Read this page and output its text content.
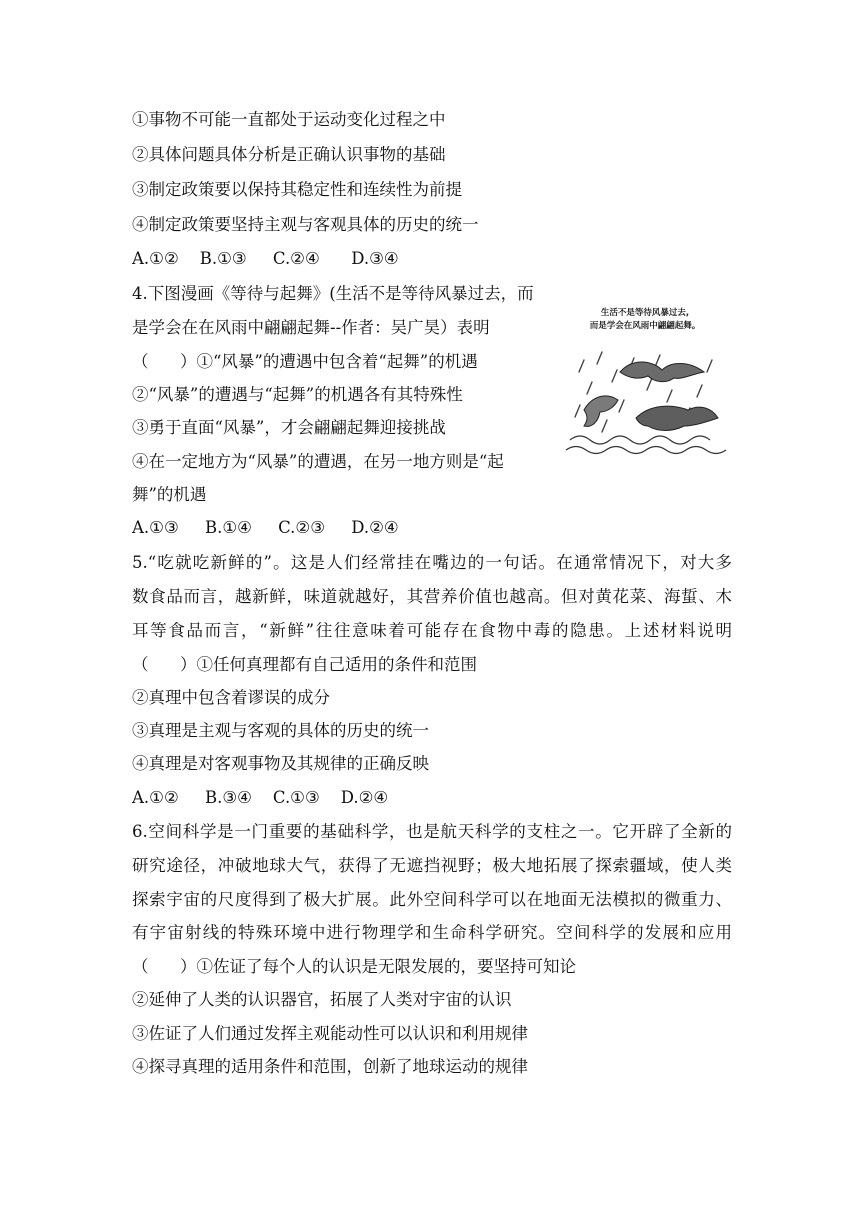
①事物不可能一直都处于运动变化过程之中
②具体问题具体分析是正确认识事物的基础
③制定政策要以保持其稳定性和连续性为前提
④制定政策要坚持主观与客观具体的历史的统一
A.①②    B.①③     C.②④      D.③④
4.下图漫画《等待与起舞》(生活不是等待风暴过去，而
是学会在在风雨中翩翩起舞--作者：吴广昊）表明
（      ）①“风暴”的遭遇中包含着“起舞”的机遇
②“风暴”的遭遇与“起舞”的机遇各有其特殊性
③勇于直面“风暴”，才会翩翩起舞迎接挑战
④在一定地方为“风暴”的遭遇，在另一地方则是“起
舞”的机遇
A.①③     B.①④     C.②③     D.②④
生活不是等待风暴过去,
而是学会在风雨中翩翩起舞。
5.“吃就吃新鲜的”。这是人们经常挂在嘴边的一句话。在通常情况下，对大多
数食品而言，越新鲜，味道就越好，其营养价值也越高。但对黄花菜、海蜇、木
耳等食品而言，“新鲜”往往意味着可能存在食物中毒的隐患。上述材料说明
（      ）①任何真理都有自己适用的条件和范围
②真理中包含着谬误的成分
③真理是主观与客观的具体的历史的统一
④真理是对客观事物及其规律的正确反映
A.①②     B.③④    C.①③    D.②④
6.空间科学是一门重要的基础科学，也是航天科学的支柱之一。它开辟了全新的
研究途径，冲破地球大气，获得了无遮挡视野；极大地拓展了探索疆域，使人类
探索宇宙的尺度得到了极大扩展。此外空间科学可以在地面无法模拟的微重力、
有宇宙射线的特殊环境中进行物理学和生命科学研究。空间科学的发展和应用
（      ）①佐证了每个人的认识是无限发展的，要坚持可知论
②延伸了人类的认识器官，拓展了人类对宇宙的认识
③佐证了人们通过发挥主观能动性可以认识和利用规律
④探寻真理的适用条件和范围，创新了地球运动的规律
